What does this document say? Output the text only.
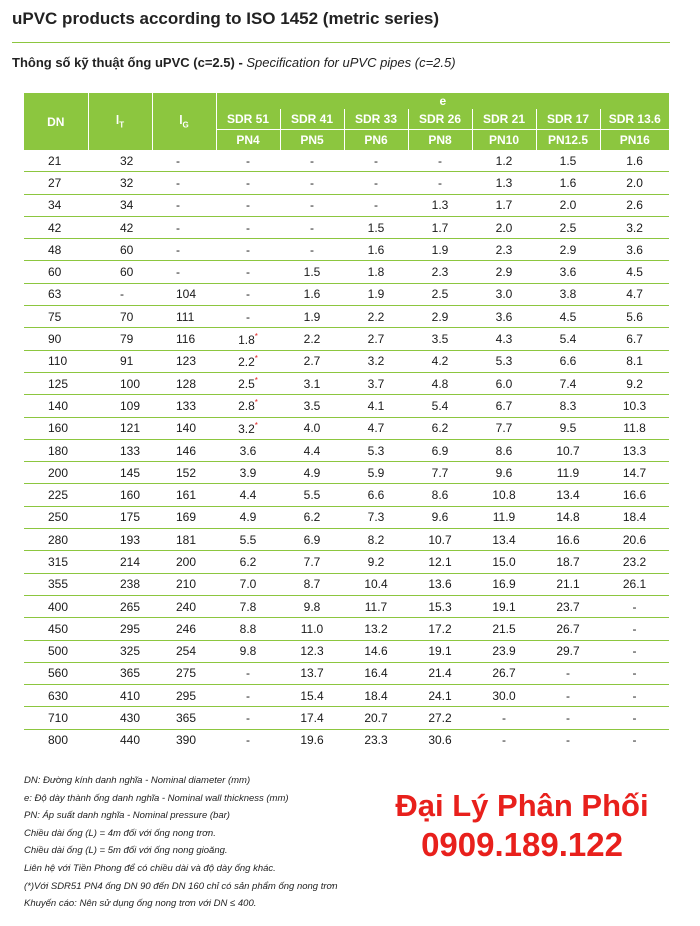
uPVC products according to ISO 1452 (metric series)
Thông số kỹ thuật ống uPVC (c=2.5) - Specification for uPVC pipes (c=2.5)
DN	$l_T$	$l_G$	e						
			SDR 51	SDR 41	SDR 33	SDR 26	SDR 21	SDR 17	SDR 13.6
			PN4	PN5	PN6	PN8	PN10	PN12.5	PN16
21	32	-	-	-	-	-	1.2	1.5	1.6
27	32	-	-	-	-	-	1.3	1.6	2.0
34	34	-	-	-	-	1.3	1.7	2.0	2.6
42	42	-	-	-	1.5	1.7	2.0	2.5	3.2
48	60	-	-	-	1.6	1.9	2.3	2.9	3.6
60	60	-	-	1.5	1.8	2.3	2.9	3.6	4.5
63	-	104	-	1.6	1.9	2.5	3.0	3.8	4.7
75	70	111	-	1.9	2.2	2.9	3.6	4.5	5.6
90	79	116	1.8*	2.2	2.7	3.5	4.3	5.4	6.7
110	91	123	2.2*	2.7	3.2	4.2	5.3	6.6	8.1
125	100	128	2.5*	3.1	3.7	4.8	6.0	7.4	9.2
140	109	133	2.8*	3.5	4.1	5.4	6.7	8.3	10.3
160	121	140	3.2*	4.0	4.7	6.2	7.7	9.5	11.8
180	133	146	3.6	4.4	5.3	6.9	8.6	10.7	13.3
200	145	152	3.9	4.9	5.9	7.7	9.6	11.9	14.7
225	160	161	4.4	5.5	6.6	8.6	10.8	13.4	16.6
250	175	169	4.9	6.2	7.3	9.6	11.9	14.8	18.4
280	193	181	5.5	6.9	8.2	10.7	13.4	16.6	20.6
315	214	200	6.2	7.7	9.2	12.1	15.0	18.7	23.2
355	238	210	7.0	8.7	10.4	13.6	16.9	21.1	26.1
400	265	240	7.8	9.8	11.7	15.3	19.1	23.7	-
450	295	246	8.8	11.0	13.2	17.2	21.5	26.7	-
500	325	254	9.8	12.3	14.6	19.1	23.9	29.7	-
560	365	275	-	13.7	16.4	21.4	26.7	-	-
630	410	295	-	15.4	18.4	24.1	30.0	-	-
710	430	365	-	17.4	20.7	27.2	-	-	-
800	440	390	-	19.6	23.3	30.6	-	-	-
DN: Đường kính danh nghĩa - Nominal diameter (mm)
e: Độ dày thành ống danh nghĩa - Nominal wall thickness (mm)
PN: Áp suất danh nghĩa - Nominal pressure (bar)
Chiều dài ống (L) = 4m đối với ống nong trơn.
Chiều dài ống (L) = 5m đối với ống nong gioăng.
Liên hệ với Tiền Phong để có chiều dài và độ dày ống khác.
(*)Với SDR51 PN4 ống DN 90 đến DN 160 chỉ có sản phẩm ống nong trơn
Khuyến cáo: Nên sử dụng ống nong trơn với DN ≤ 400.
Đại Lý Phân Phối
0909.189.122
